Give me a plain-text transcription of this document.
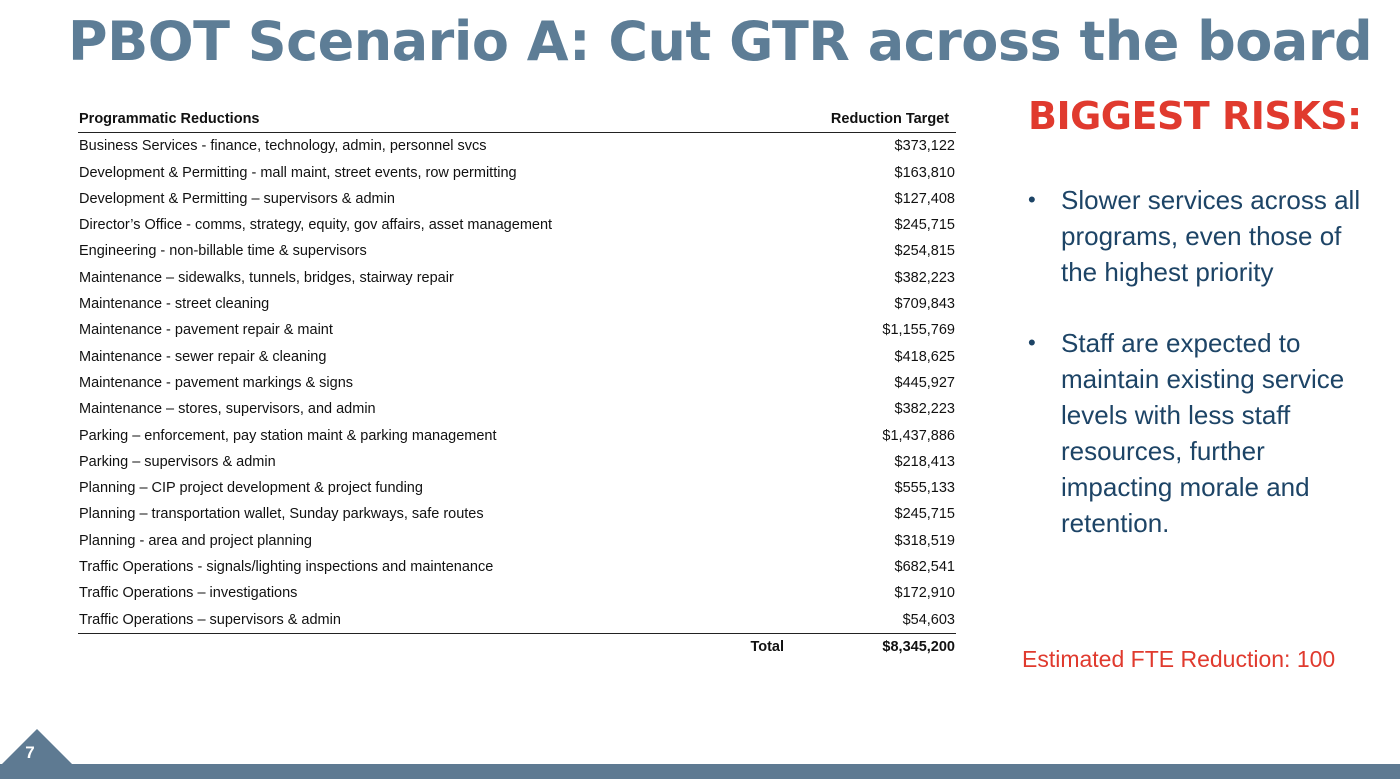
PBOT Scenario A: Cut GTR across the board
Programmatic Reductions	Reduction Target
Business Services - finance, technology, admin, personnel svcs	$373,122
Development & Permitting - mall maint, street events, row permitting	$163,810
Development & Permitting – supervisors & admin	$127,408
Director’s Office - comms, strategy, equity, gov affairs, asset management	$245,715
Engineering - non-billable time & supervisors	$254,815
Maintenance – sidewalks, tunnels, bridges, stairway repair	$382,223
Maintenance - street cleaning	$709,843
Maintenance - pavement repair & maint	$1,155,769
Maintenance - sewer repair & cleaning	$418,625
Maintenance - pavement markings & signs	$445,927
Maintenance – stores, supervisors, and admin	$382,223
Parking – enforcement, pay station maint & parking management	$1,437,886
Parking – supervisors & admin	$218,413
Planning – CIP project development & project funding	$555,133
Planning – transportation wallet, Sunday parkways, safe routes	$245,715
Planning - area and project planning	$318,519
Traffic Operations - signals/lighting inspections and maintenance	$682,541
Traffic Operations – investigations	$172,910
Traffic Operations – supervisors & admin	$54,603
Total	$8,345,200
BIGGEST RISKS:
• Slower services across all programs, even those of the highest priority
• Staff are expected to maintain existing service levels with less staff resources, further impacting morale and retention.
Estimated FTE Reduction: 100
7
